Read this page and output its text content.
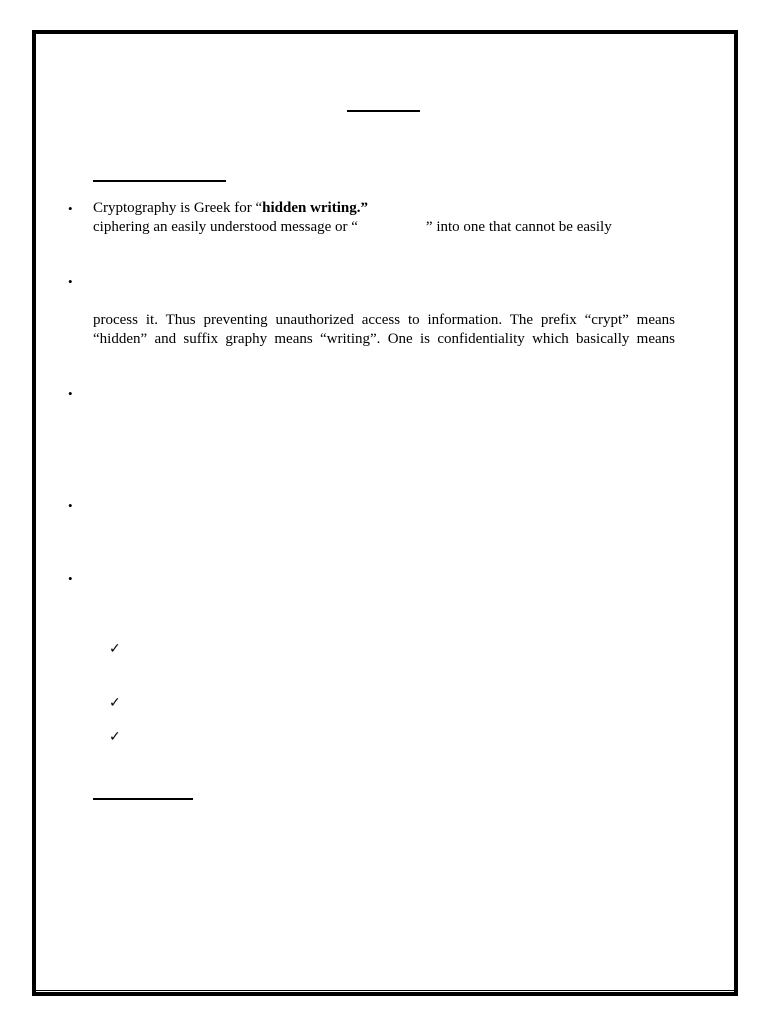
•	Cryptography is Greek for “hidden writing.”
ciphering an easily understood message or “	” into one that cannot be easily
•
process it. Thus preventing unauthorized access to information. The prefix “crypt” means
“hidden” and suffix graphy means “writing”. One is confidentiality which basically means
•
•
•
✓
✓
✓
